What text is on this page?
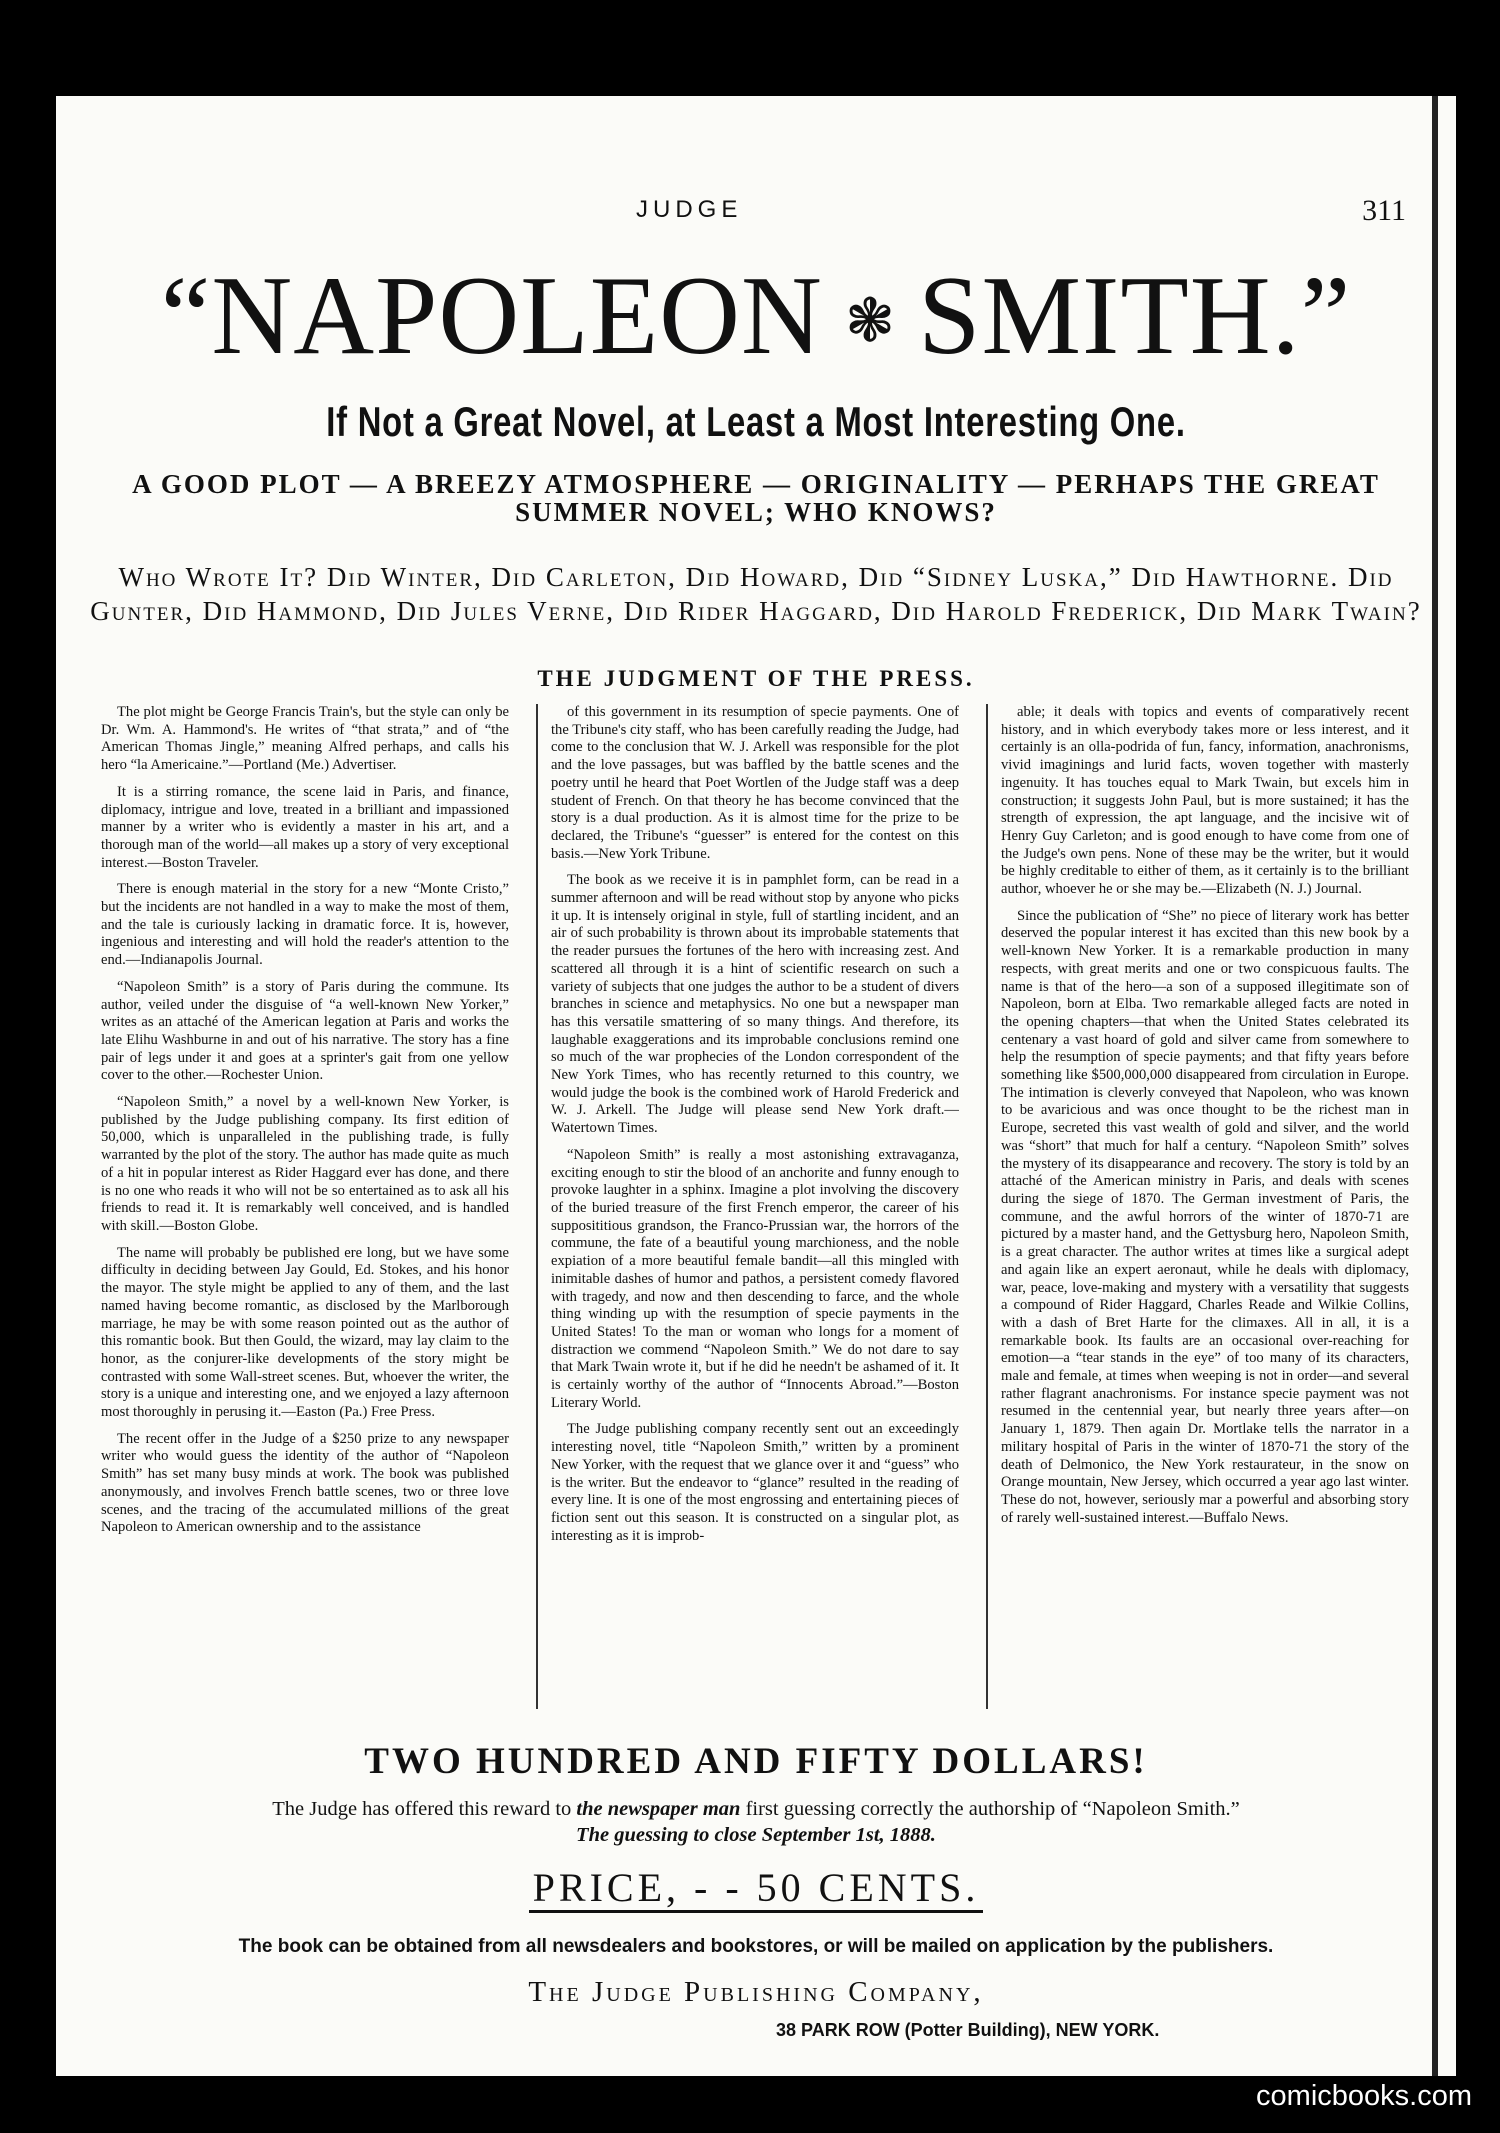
JUDGE	311
“NAPOLEON ❃ SMITH.”
If Not a Great Novel, at Least a Most Interesting One.
A GOOD PLOT — A BREEZY ATMOSPHERE — ORIGINALITY — PERHAPS THE GREAT SUMMER NOVEL; WHO KNOWS?
Who Wrote It? Did Winter, Did Carleton, Did Howard, Did “Sidney Luska,” Did Hawthorne. Did Gunter, Did Hammond, Did Jules Verne, Did Rider Haggard, Did Harold Frederick, Did Mark Twain?
THE JUDGMENT OF THE PRESS.

The plot might be George Francis Train's, but the style can only be Dr. Wm. A. Hammond's. He writes of “that strata,” and of “the American Thomas Jingle,” meaning Alfred perhaps, and calls his hero “la Americaine.”—Portland (Me.) Advertiser.

It is a stirring romance, the scene laid in Paris, and finance, diplomacy, intrigue and love, treated in a brilliant and impassioned manner by a writer who is evidently a master in his art, and a thorough man of the world—all makes up a story of very exceptional interest.—Boston Traveler.

There is enough material in the story for a new “Monte Cristo,” but the incidents are not handled in a way to make the most of them, and the tale is curiously lacking in dramatic force. It is, however, ingenious and interesting and will hold the reader's attention to the end.—Indianapolis Journal.

“Napoleon Smith” is a story of Paris during the commune. Its author, veiled under the disguise of “a well-known New Yorker,” writes as an attaché of the American legation at Paris and works the late Elihu Washburne in and out of his narrative. The story has a fine pair of legs under it and goes at a sprinter's gait from one yellow cover to the other.—Rochester Union.

“Napoleon Smith,” a novel by a well-known New Yorker, is published by the Judge publishing company. Its first edition of 50,000, which is unparalleled in the publishing trade, is fully warranted by the plot of the story. The author has made quite as much of a hit in popular interest as Rider Haggard ever has done, and there is no one who reads it who will not be so entertained as to ask all his friends to read it. It is remarkably well conceived, and is handled with skill.—Boston Globe.

The name will probably be published ere long, but we have some difficulty in deciding between Jay Gould, Ed. Stokes, and his honor the mayor. The style might be applied to any of them, and the last named having become romantic, as disclosed by the Marlborough marriage, he may be with some reason pointed out as the author of this romantic book. But then Gould, the wizard, may lay claim to the honor, as the conjurer-like developments of the story might be contrasted with some Wall-street scenes. But, whoever the writer, the story is a unique and interesting one, and we enjoyed a lazy afternoon most thoroughly in perusing it.—Easton (Pa.) Free Press.

The recent offer in the Judge of a $250 prize to any newspaper writer who would guess the identity of the author of “Napoleon Smith” has set many busy minds at work. The book was published anonymously, and involves French battle scenes, two or three love scenes, and the tracing of the accumulated millions of the great Napoleon to American ownership and to the assistance

of this government in its resumption of specie payments. One of the Tribune's city staff, who has been carefully reading the Judge, had come to the conclusion that W. J. Arkell was responsible for the plot and the love passages, but was baffled by the battle scenes and the poetry until he heard that Poet Wortlen of the Judge staff was a deep student of French. On that theory he has become convinced that the story is a dual production. As it is almost time for the prize to be declared, the Tribune's “guesser” is entered for the contest on this basis.—New York Tribune.

The book as we receive it is in pamphlet form, can be read in a summer afternoon and will be read without stop by anyone who picks it up. It is intensely original in style, full of startling incident, and an air of such probability is thrown about its improbable statements that the reader pursues the fortunes of the hero with increasing zest. And scattered all through it is a hint of scientific research on such a variety of subjects that one judges the author to be a student of divers branches in science and metaphysics. No one but a newspaper man has this versatile smattering of so many things. And therefore, its laughable exaggerations and its improbable conclusions remind one so much of the war prophecies of the London correspondent of the New York Times, who has recently returned to this country, we would judge the book is the combined work of Harold Frederick and W. J. Arkell. The Judge will please send New York draft.—Watertown Times.

“Napoleon Smith” is really a most astonishing extravaganza, exciting enough to stir the blood of an anchorite and funny enough to provoke laughter in a sphinx. Imagine a plot involving the discovery of the buried treasure of the first French emperor, the career of his supposititious grandson, the Franco-Prussian war, the horrors of the commune, the fate of a beautiful young marchioness, and the noble expiation of a more beautiful female bandit—all this mingled with inimitable dashes of humor and pathos, a persistent comedy flavored with tragedy, and now and then descending to farce, and the whole thing winding up with the resumption of specie payments in the United States! To the man or woman who longs for a moment of distraction we commend “Napoleon Smith.” We do not dare to say that Mark Twain wrote it, but if he did he needn't be ashamed of it. It is certainly worthy of the author of “Innocents Abroad.”—Boston Literary World.

The Judge publishing company recently sent out an exceedingly interesting novel, title “Napoleon Smith,” written by a prominent New Yorker, with the request that we glance over it and “guess” who is the writer. But the endeavor to “glance” resulted in the reading of every line. It is one of the most engrossing and entertaining pieces of fiction sent out this season. It is constructed on a singular plot, as interesting as it is improb-

able; it deals with topics and events of comparatively recent history, and in which everybody takes more or less interest, and it certainly is an olla-podrida of fun, fancy, information, anachronisms, vivid imaginings and lurid facts, woven together with masterly ingenuity. It has touches equal to Mark Twain, but excels him in construction; it suggests John Paul, but is more sustained; it has the strength of expression, the apt language, and the incisive wit of Henry Guy Carleton; and is good enough to have come from one of the Judge's own pens. None of these may be the writer, but it would be highly creditable to either of them, as it certainly is to the brilliant author, whoever he or she may be.—Elizabeth (N. J.) Journal.

Since the publication of “She” no piece of literary work has better deserved the popular interest it has excited than this new book by a well-known New Yorker. It is a remarkable production in many respects, with great merits and one or two conspicuous faults. The name is that of the hero—a son of a supposed illegitimate son of Napoleon, born at Elba. Two remarkable alleged facts are noted in the opening chapters—that when the United States celebrated its centenary a vast hoard of gold and silver came from somewhere to help the resumption of specie payments; and that fifty years before something like $500,000,000 disappeared from circulation in Europe. The intimation is cleverly conveyed that Napoleon, who was known to be avaricious and was once thought to be the richest man in Europe, secreted this vast wealth of gold and silver, and the world was “short” that much for half a century. “Napoleon Smith” solves the mystery of its disappearance and recovery. The story is told by an attaché of the American ministry in Paris, and deals with scenes during the siege of 1870. The German investment of Paris, the commune, and the awful horrors of the winter of 1870-71 are pictured by a master hand, and the Gettysburg hero, Napoleon Smith, is a great character. The author writes at times like a surgical adept and again like an expert aeronaut, while he deals with diplomacy, war, peace, love-making and mystery with a versatility that suggests a compound of Rider Haggard, Charles Reade and Wilkie Collins, with a dash of Bret Harte for the climaxes. All in all, it is a remarkable book. Its faults are an occasional over-reaching for emotion—a “tear stands in the eye” of too many of its characters, male and female, at times when weeping is not in order—and several rather flagrant anachronisms. For instance specie payment was not resumed in the centennial year, but nearly three years after—on January 1, 1879. Then again Dr. Mortlake tells the narrator in a military hospital of Paris in the winter of 1870-71 the story of the death of Delmonico, the New York restaurateur, in the snow on Orange mountain, New Jersey, which occurred a year ago last winter. These do not, however, seriously mar a powerful and absorbing story of rarely well-sustained interest.—Buffalo News.

TWO HUNDRED AND FIFTY DOLLARS!
The Judge has offered this reward to the newspaper man first guessing correctly the authorship of “Napoleon Smith.”
The guessing to close September 1st, 1888.
PRICE, - - 50 CENTS.
The book can be obtained from all newsdealers and bookstores, or will be mailed on application by the publishers.
The Judge Publishing Company,
38 PARK ROW (Potter Building), NEW YORK.
comicbooks.com
